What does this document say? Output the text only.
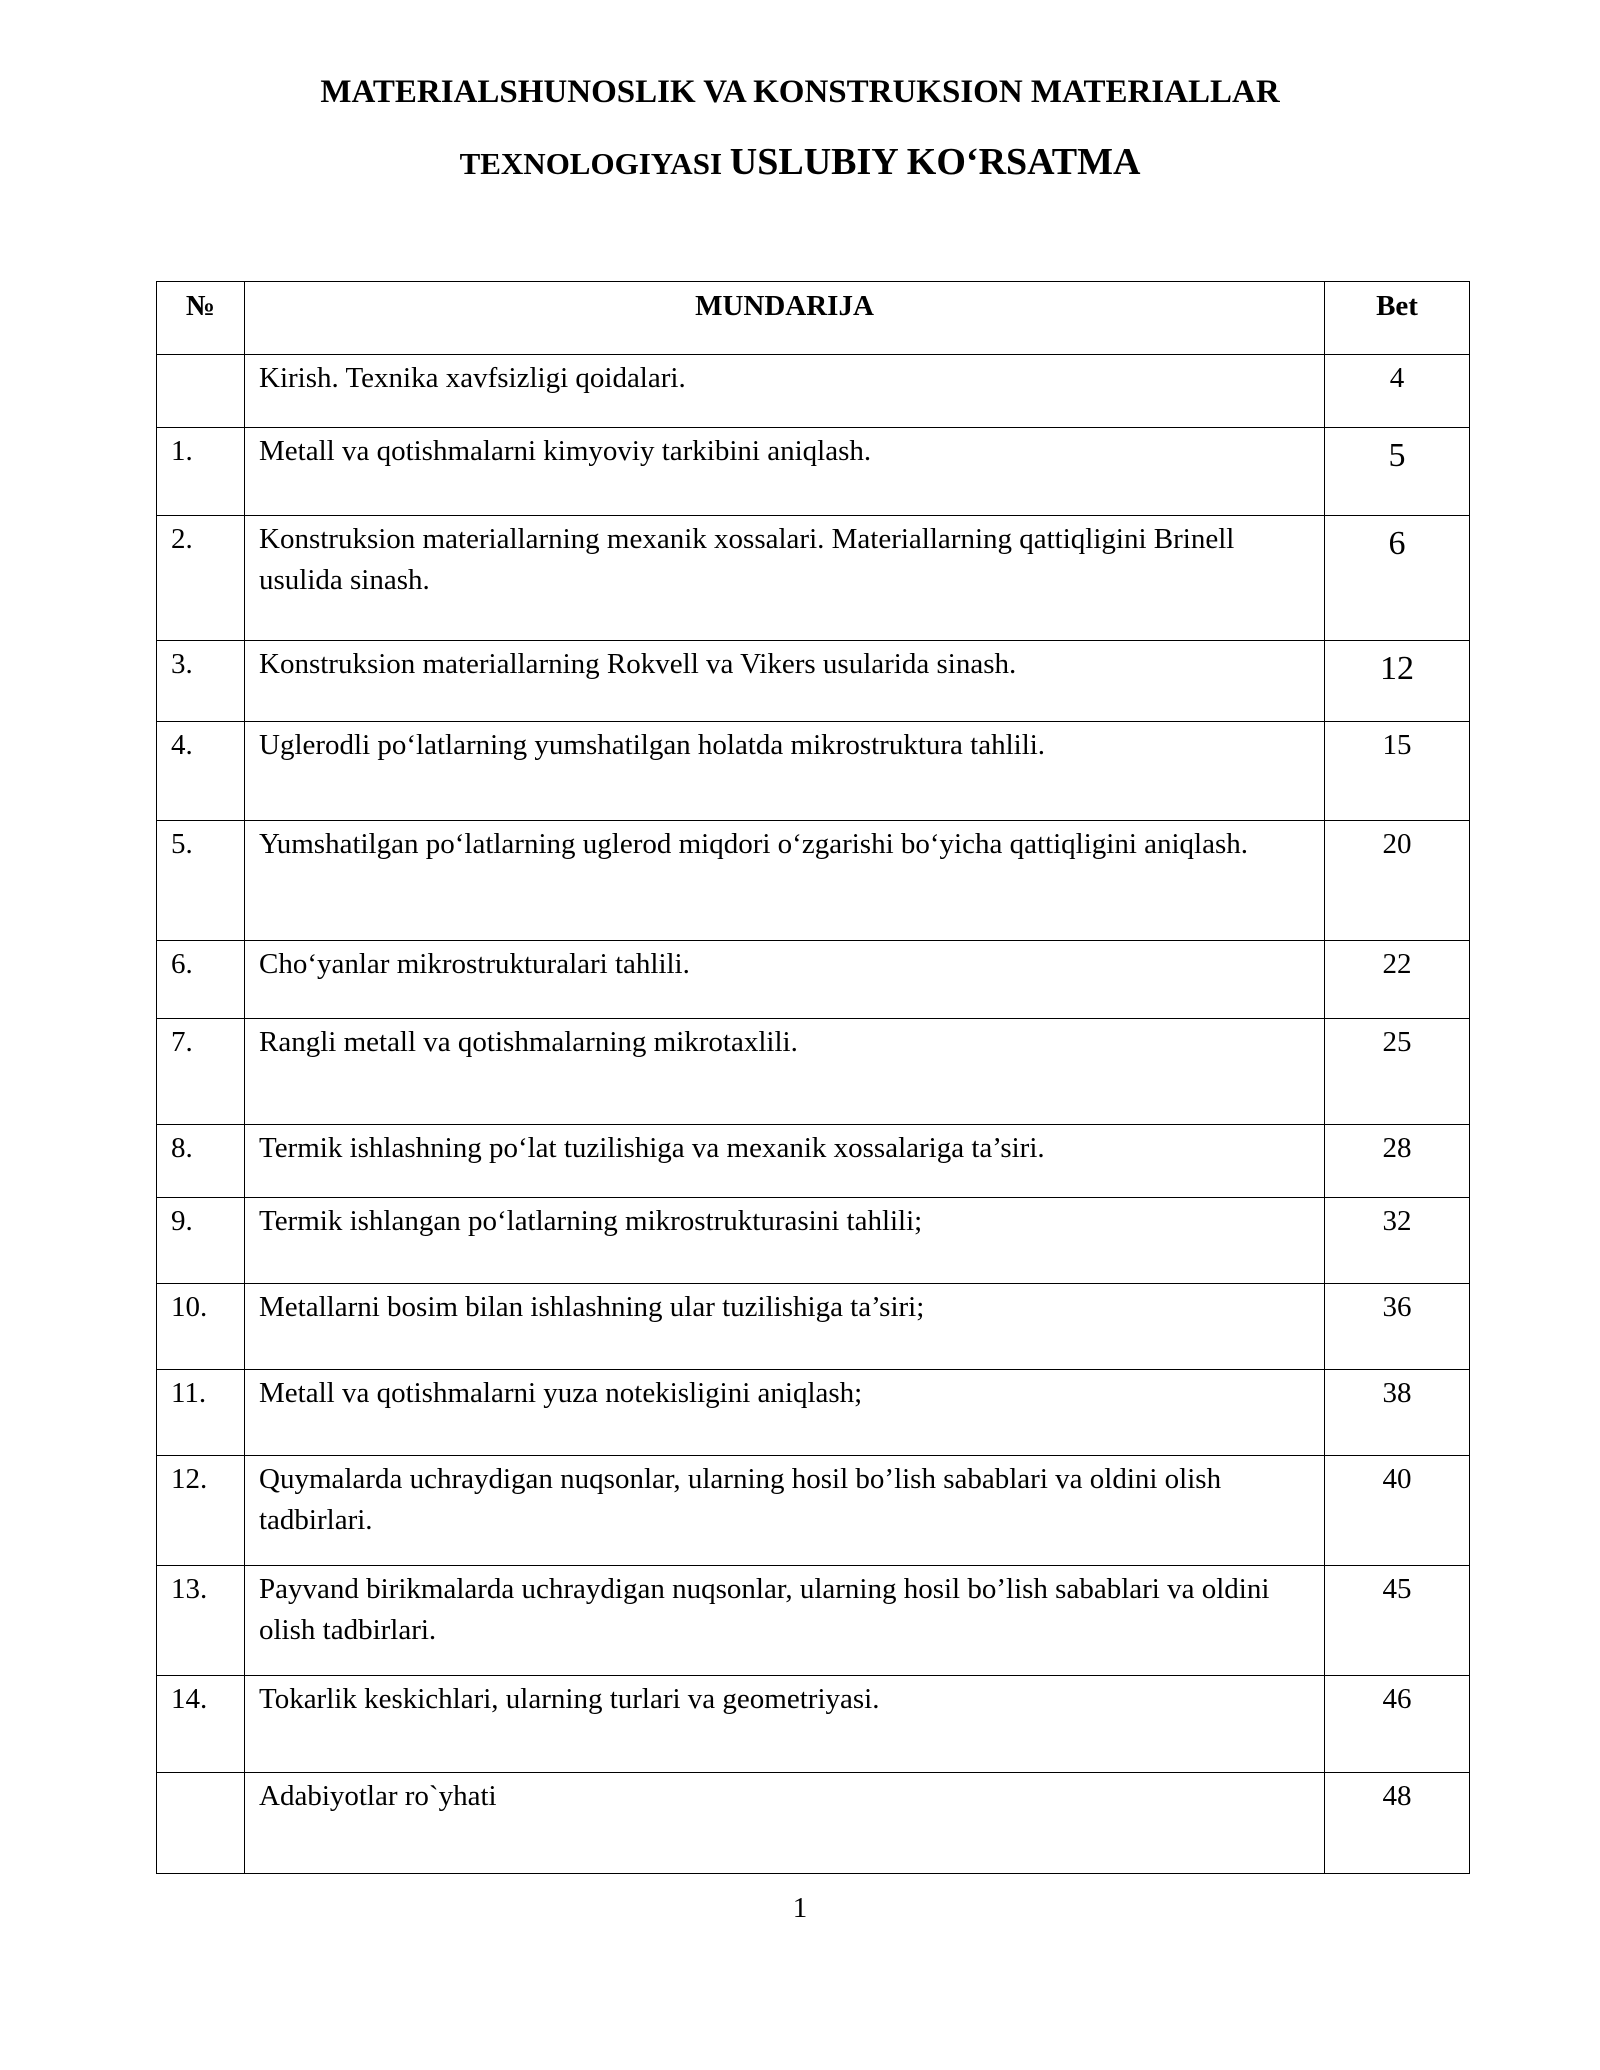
MATERIALSHUNOSLIK VA KONSTRUKSION MATERIALLAR
TEXNOLOGIYASI USLUBIY KO‘RSATMA
№	MUNDARIJA	Bet
	Kirish. Texnika xavfsizligi qoidalari.	4
1.	Metall va qotishmalarni kimyoviy tarkibini aniqlash.	5
2.	Konstruksion materiallarning mexanik xossalari. Materiallarning qattiqligini Brinell usulida sinash.	6
3.	Konstruksion materiallarning Rokvell va Vikers usularida sinash.	12
4.	Uglerodli po‘latlarning yumshatilgan holatda mikrostruktura tahlili.	15
5.	Yumshatilgan po‘latlarning uglerod miqdori o‘zgarishi bo‘yicha qattiqligini aniqlash.	20
6.	Cho‘yanlar mikrostrukturalari tahlili.	22
7.	Rangli metall va qotishmalarning mikrotaxlili.	25
8.	Termik ishlashning po‘lat tuzilishiga va mexanik xossalariga ta’siri.	28
9.	Termik ishlangan po‘latlarning mikrostrukturasini tahlili;	32
10.	Metallarni bosim bilan ishlashning ular tuzilishiga ta’siri;	36
11.	Metall va qotishmalarni yuza notekisligini aniqlash;	38
12.	Quymalarda uchraydigan nuqsonlar, ularning hosil bo’lish sabablari va oldini olish tadbirlari.	40
13.	Payvand birikmalarda uchraydigan nuqsonlar, ularning hosil bo’lish sabablari va oldini olish tadbirlari.	45
14.	Tokarlik keskichlari, ularning turlari va geometriyasi.	46
	Adabiyotlar ro`yhati	48
1
